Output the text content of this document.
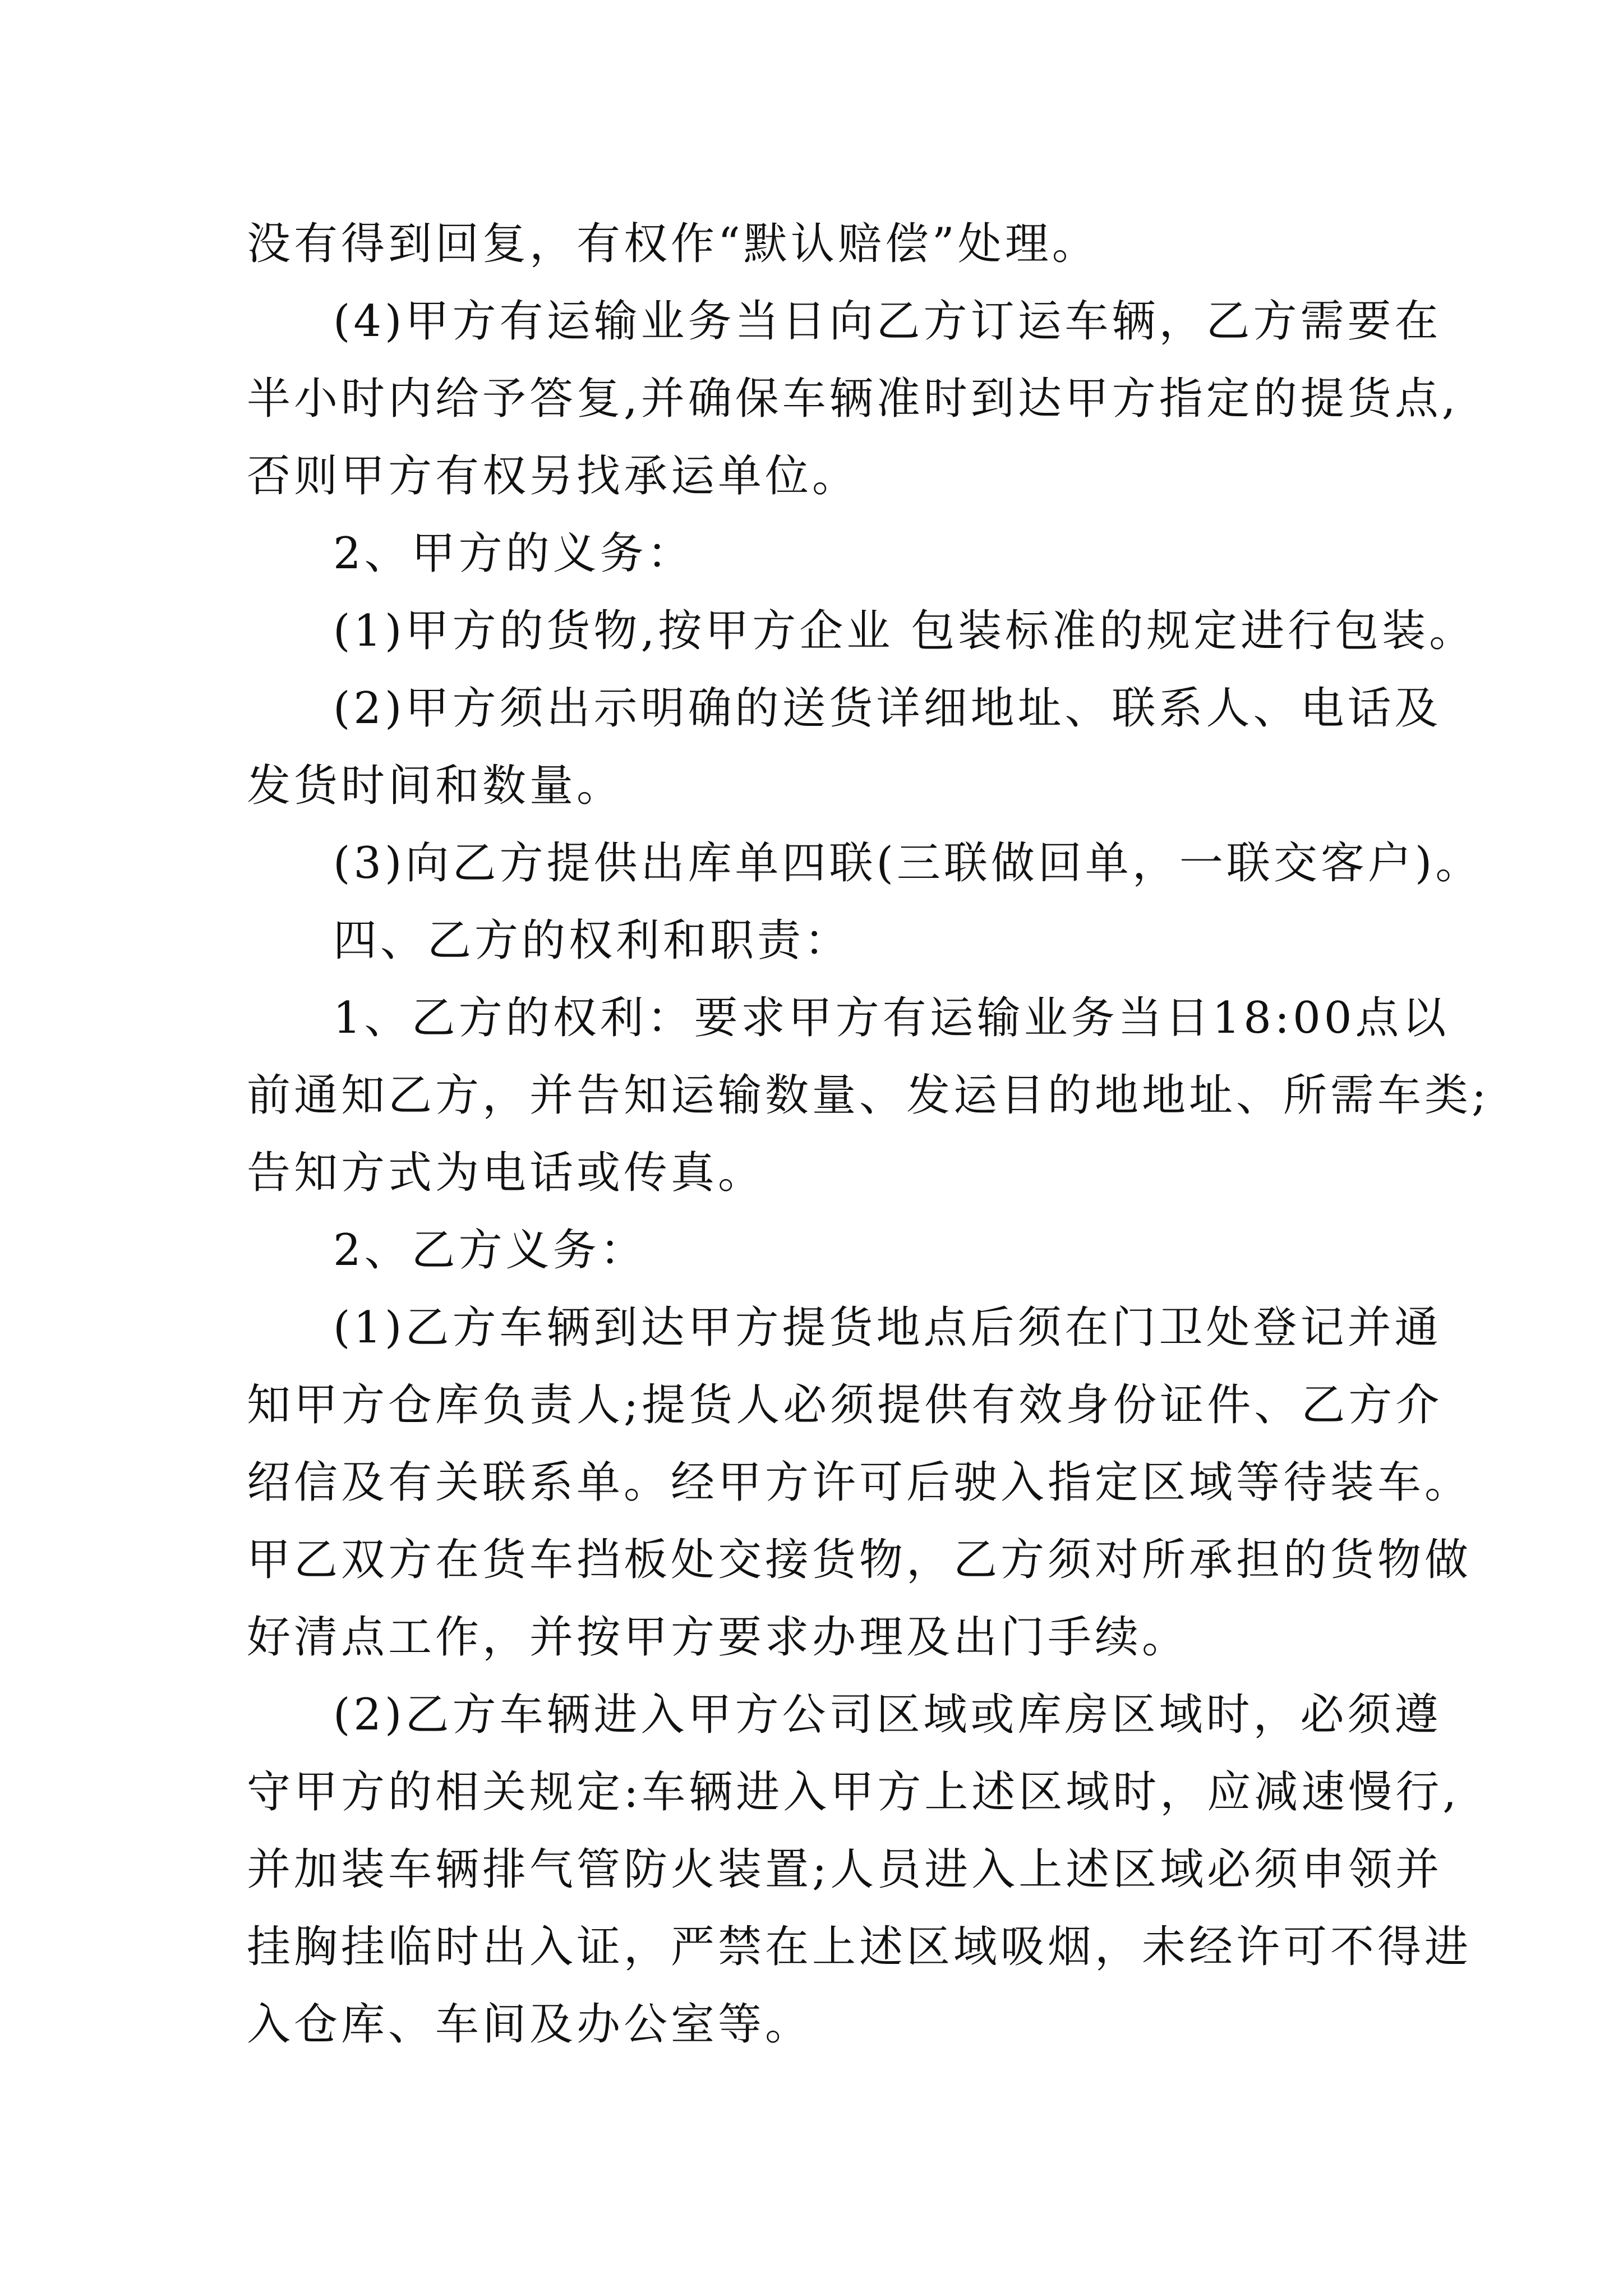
没有得到回复，有权作“默认赔偿”处理。
(4)甲方有运输业务当日向乙方订运车辆，乙方需要在
半小时内给予答复,并确保车辆准时到达甲方指定的提货点,
否则甲方有权另找承运单位。
2、甲方的义务：
(1)甲方的货物,按甲方企业 包装标准的规定进行包装。
(2)甲方须出示明确的送货详细地址、联系人、电话及
发货时间和数量。
(3)向乙方提供出库单四联(三联做回单，一联交客户)。
四、乙方的权利和职责：
1、乙方的权利：要求甲方有运输业务当日18:00点以
前通知乙方，并告知运输数量、发运目的地地址、所需车类;
告知方式为电话或传真。
2、乙方义务：
(1)乙方车辆到达甲方提货地点后须在门卫处登记并通
知甲方仓库负责人;提货人必须提供有效身份证件、乙方介
绍信及有关联系单。经甲方许可后驶入指定区域等待装车。
甲乙双方在货车挡板处交接货物，乙方须对所承担的货物做
好清点工作，并按甲方要求办理及出门手续。
(2)乙方车辆进入甲方公司区域或库房区域时，必须遵
守甲方的相关规定:车辆进入甲方上述区域时，应减速慢行,
并加装车辆排气管防火装置;人员进入上述区域必须申领并
挂胸挂临时出入证，严禁在上述区域吸烟，未经许可不得进
入仓库、车间及办公室等。
